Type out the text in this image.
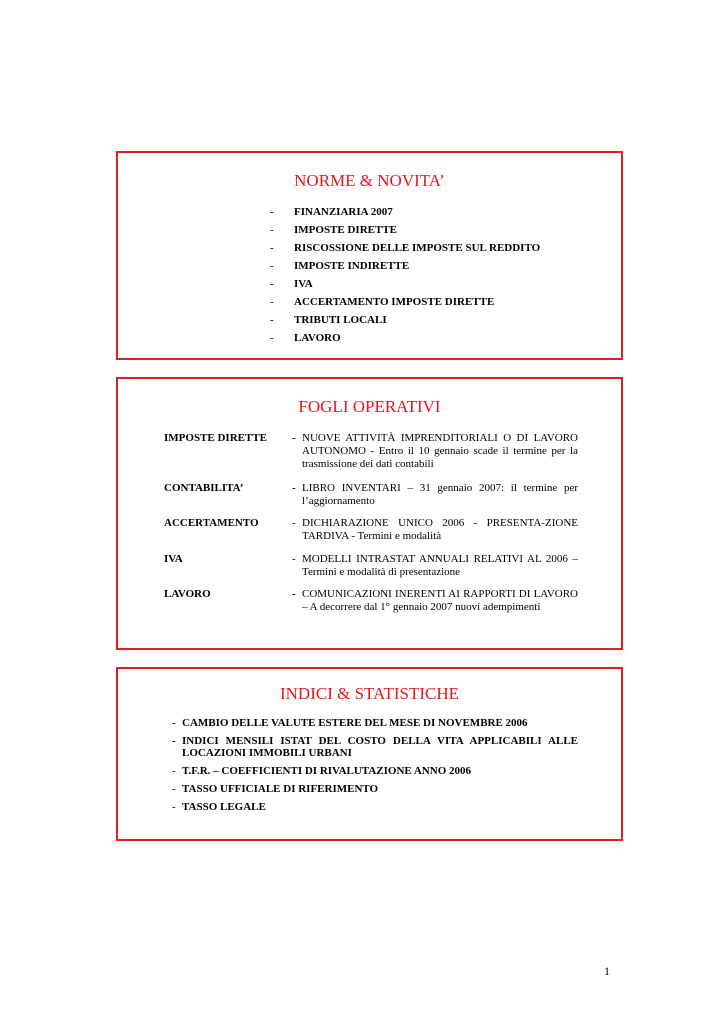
NORME & NOVITA’
- FINANZIARIA 2007
- IMPOSTE DIRETTE
- RISCOSSIONE DELLE IMPOSTE SUL REDDITO
- IMPOSTE INDIRETTE
- IVA
- ACCERTAMENTO IMPOSTE DIRETTE
- TRIBUTI LOCALI
- LAVORO
FOGLI OPERATIVI
IMPOSTE DIRETTE - NUOVE ATTIVITÀ IMPRENDITORIALI O DI LAVORO AUTONOMO - Entro il 10 gennaio scade il termine per la trasmissione dei dati contabili
CONTABILITA’	- LIBRO INVENTARI – 31 gennaio 2007: il termine per l’aggiornamento
ACCERTAMENTO	- DICHIARAZIONE UNICO 2006 - PRESENTA-ZIONE TARDIVA - Termini e modalità
IVA	- MODELLI INTRASTAT ANNUALI RELATIVI AL 2006 – Termini e modalità di presentazione
LAVORO	- COMUNICAZIONI INERENTI AI RAPPORTI DI LAVORO – A decorrere dal 1° gennaio 2007 nuovi adempimenti
INDICI & STATISTICHE
- CAMBIO DELLE VALUTE ESTERE DEL MESE DI NOVEMBRE 2006
- INDICI MENSILI ISTAT DEL COSTO DELLA VITA APPLICABILI ALLE LOCAZIONI IMMOBILI URBANI
- T.F.R. – COEFFICIENTI DI RIVALUTAZIONE ANNO 2006
- TASSO UFFICIALE DI RIFERIMENTO
- TASSO LEGALE
1
